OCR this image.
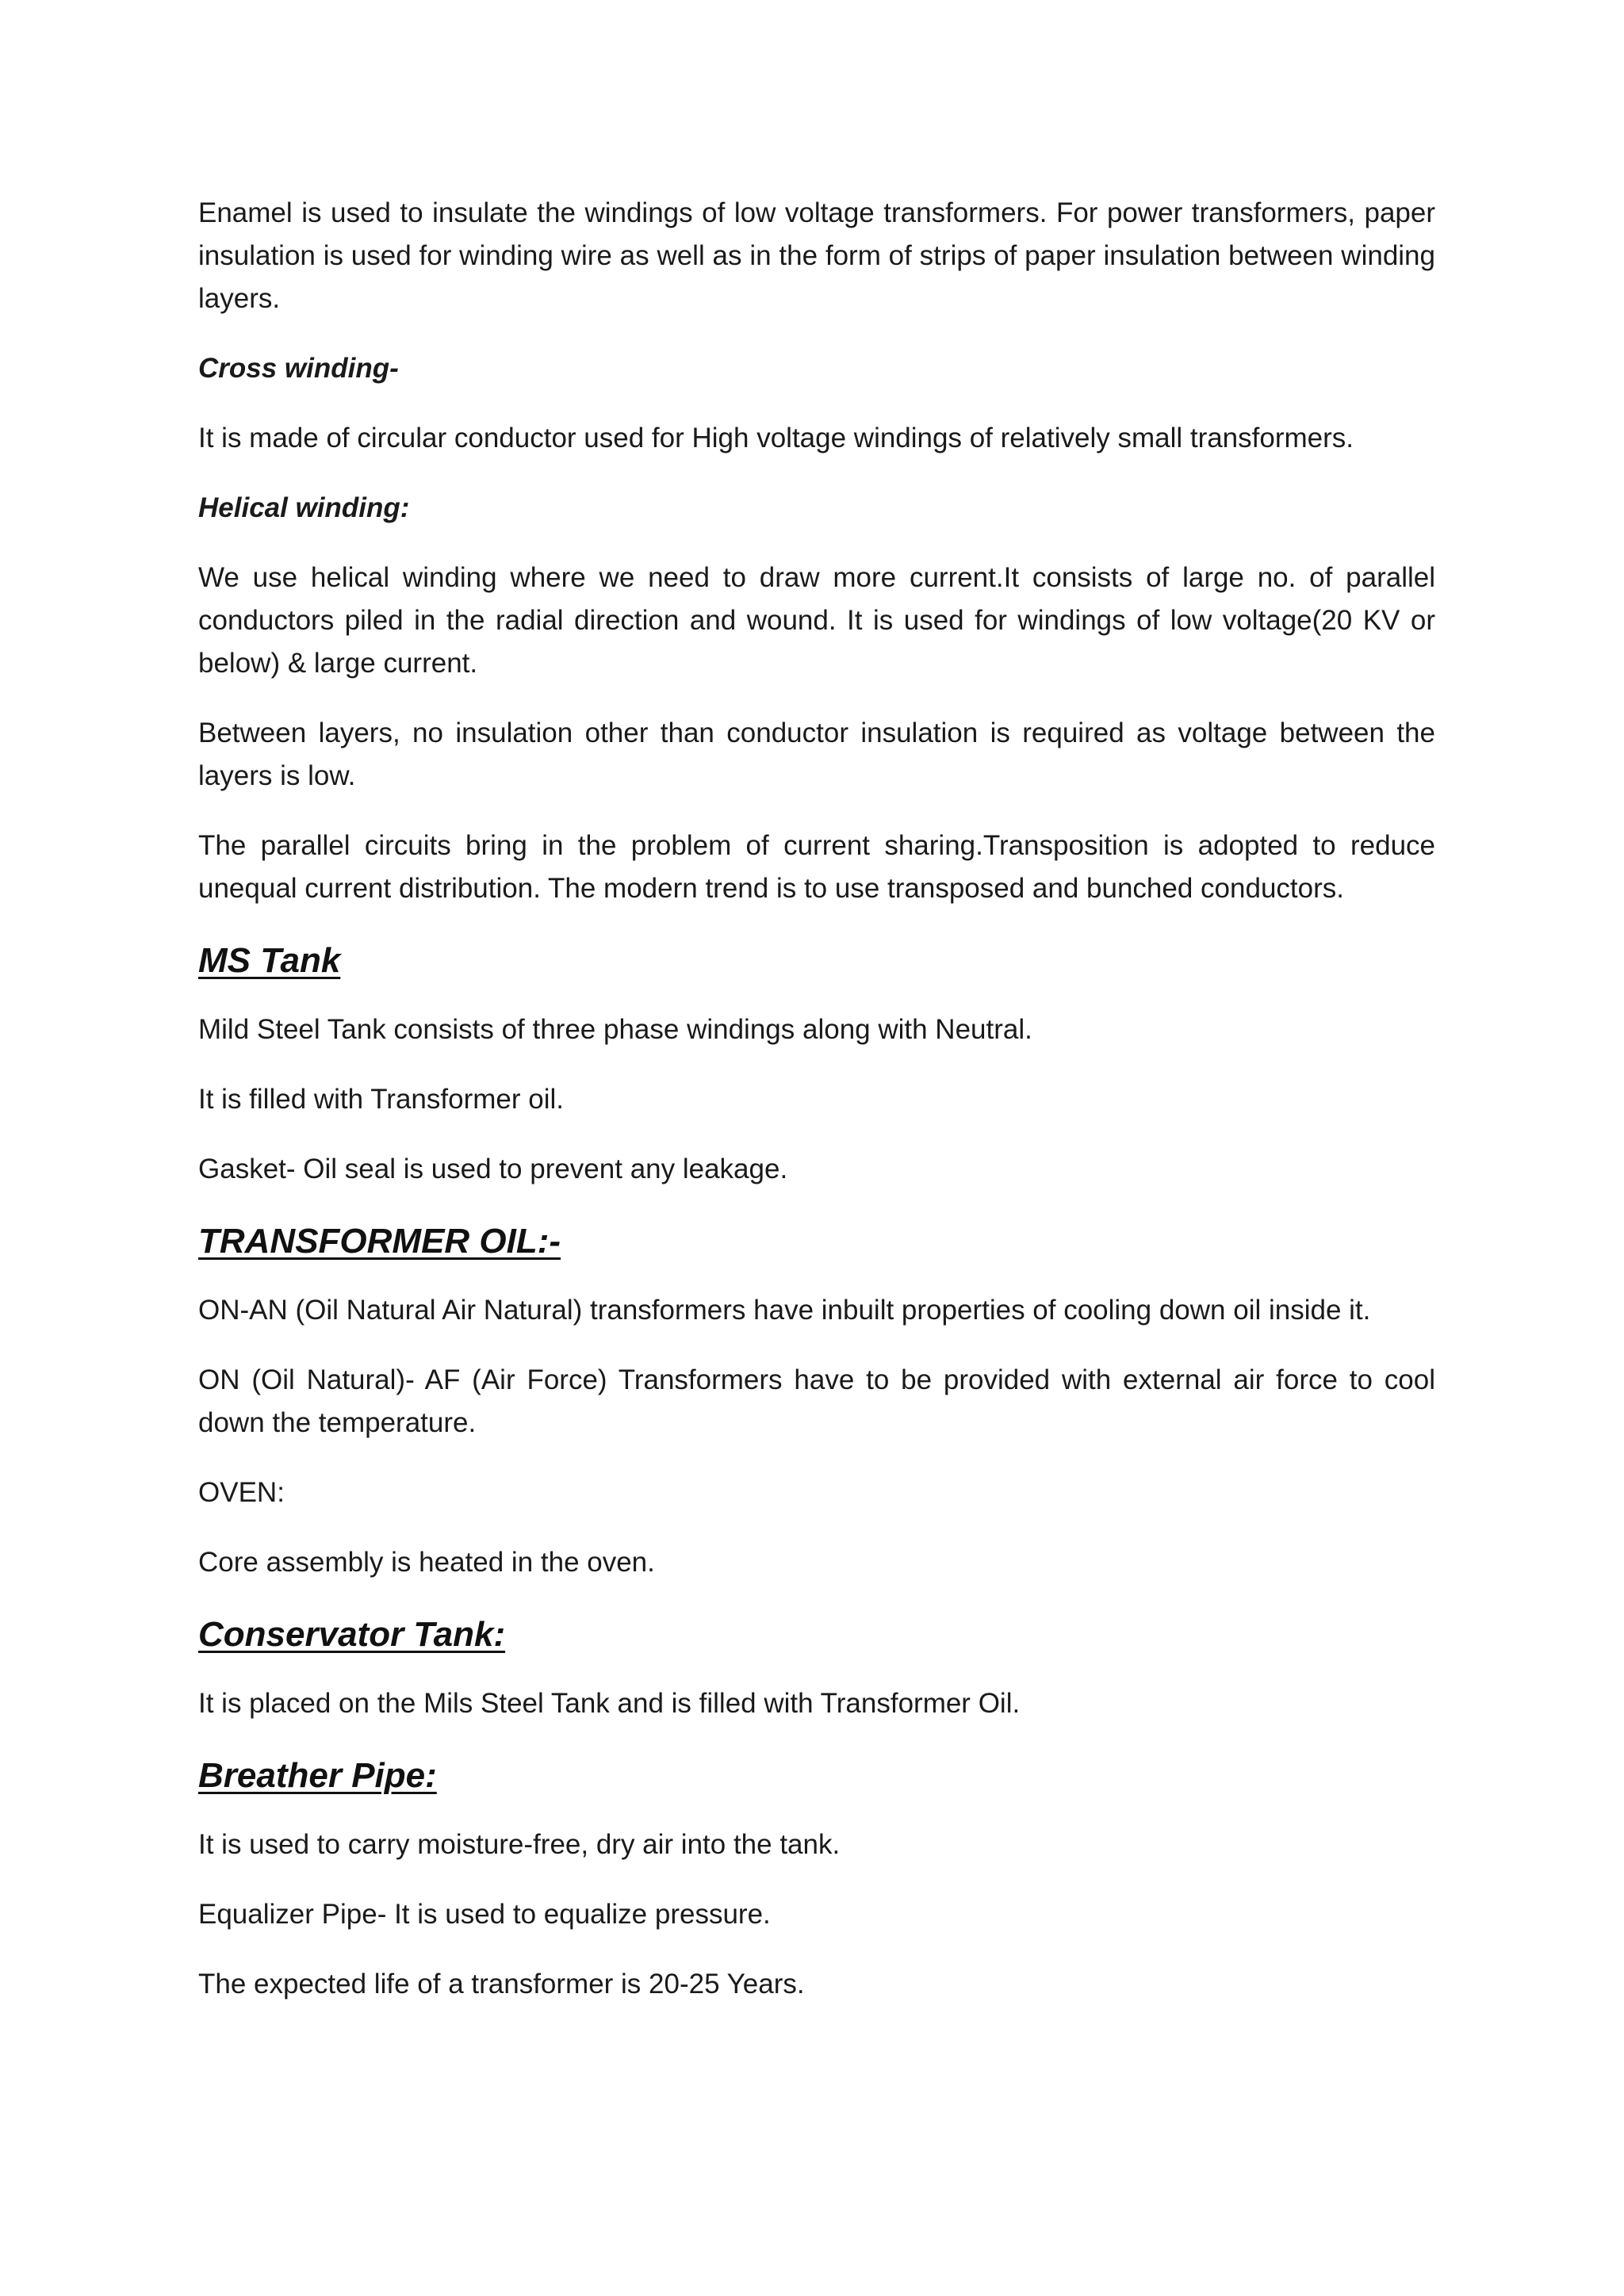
Enamel is used to insulate the windings of low voltage transformers. For power transformers, paper insulation is used for winding wire as well as in the form of strips of paper insulation between winding layers.

Cross winding-

It is made of circular conductor used for High voltage windings of relatively small transformers.

Helical winding:

We use helical winding where we need to draw more current.It consists of large no. of parallel conductors piled in the radial direction and wound. It is used for windings of low voltage(20 KV or below) & large current.

Between layers, no insulation other than conductor insulation is required as voltage between the layers is low.

The parallel circuits bring in the problem of current sharing.Transposition is adopted to reduce unequal current distribution. The modern trend is to use transposed and bunched conductors.

MS Tank

Mild Steel Tank consists of three phase windings along with Neutral.

It is filled with Transformer oil.

Gasket- Oil seal is used to prevent any leakage.

TRANSFORMER OIL:-

ON-AN (Oil Natural Air Natural) transformers have inbuilt properties of cooling down oil inside it.

ON (Oil Natural)- AF (Air Force) Transformers have to be provided with external air force to cool down the temperature.

OVEN:

Core assembly is heated in the oven.

Conservator Tank:

It is placed on the Mils Steel Tank and is filled with Transformer Oil.

Breather Pipe:

It is used to carry moisture-free, dry air into the tank.

Equalizer Pipe- It is used to equalize pressure.

The expected life of a transformer is 20-25 Years.
